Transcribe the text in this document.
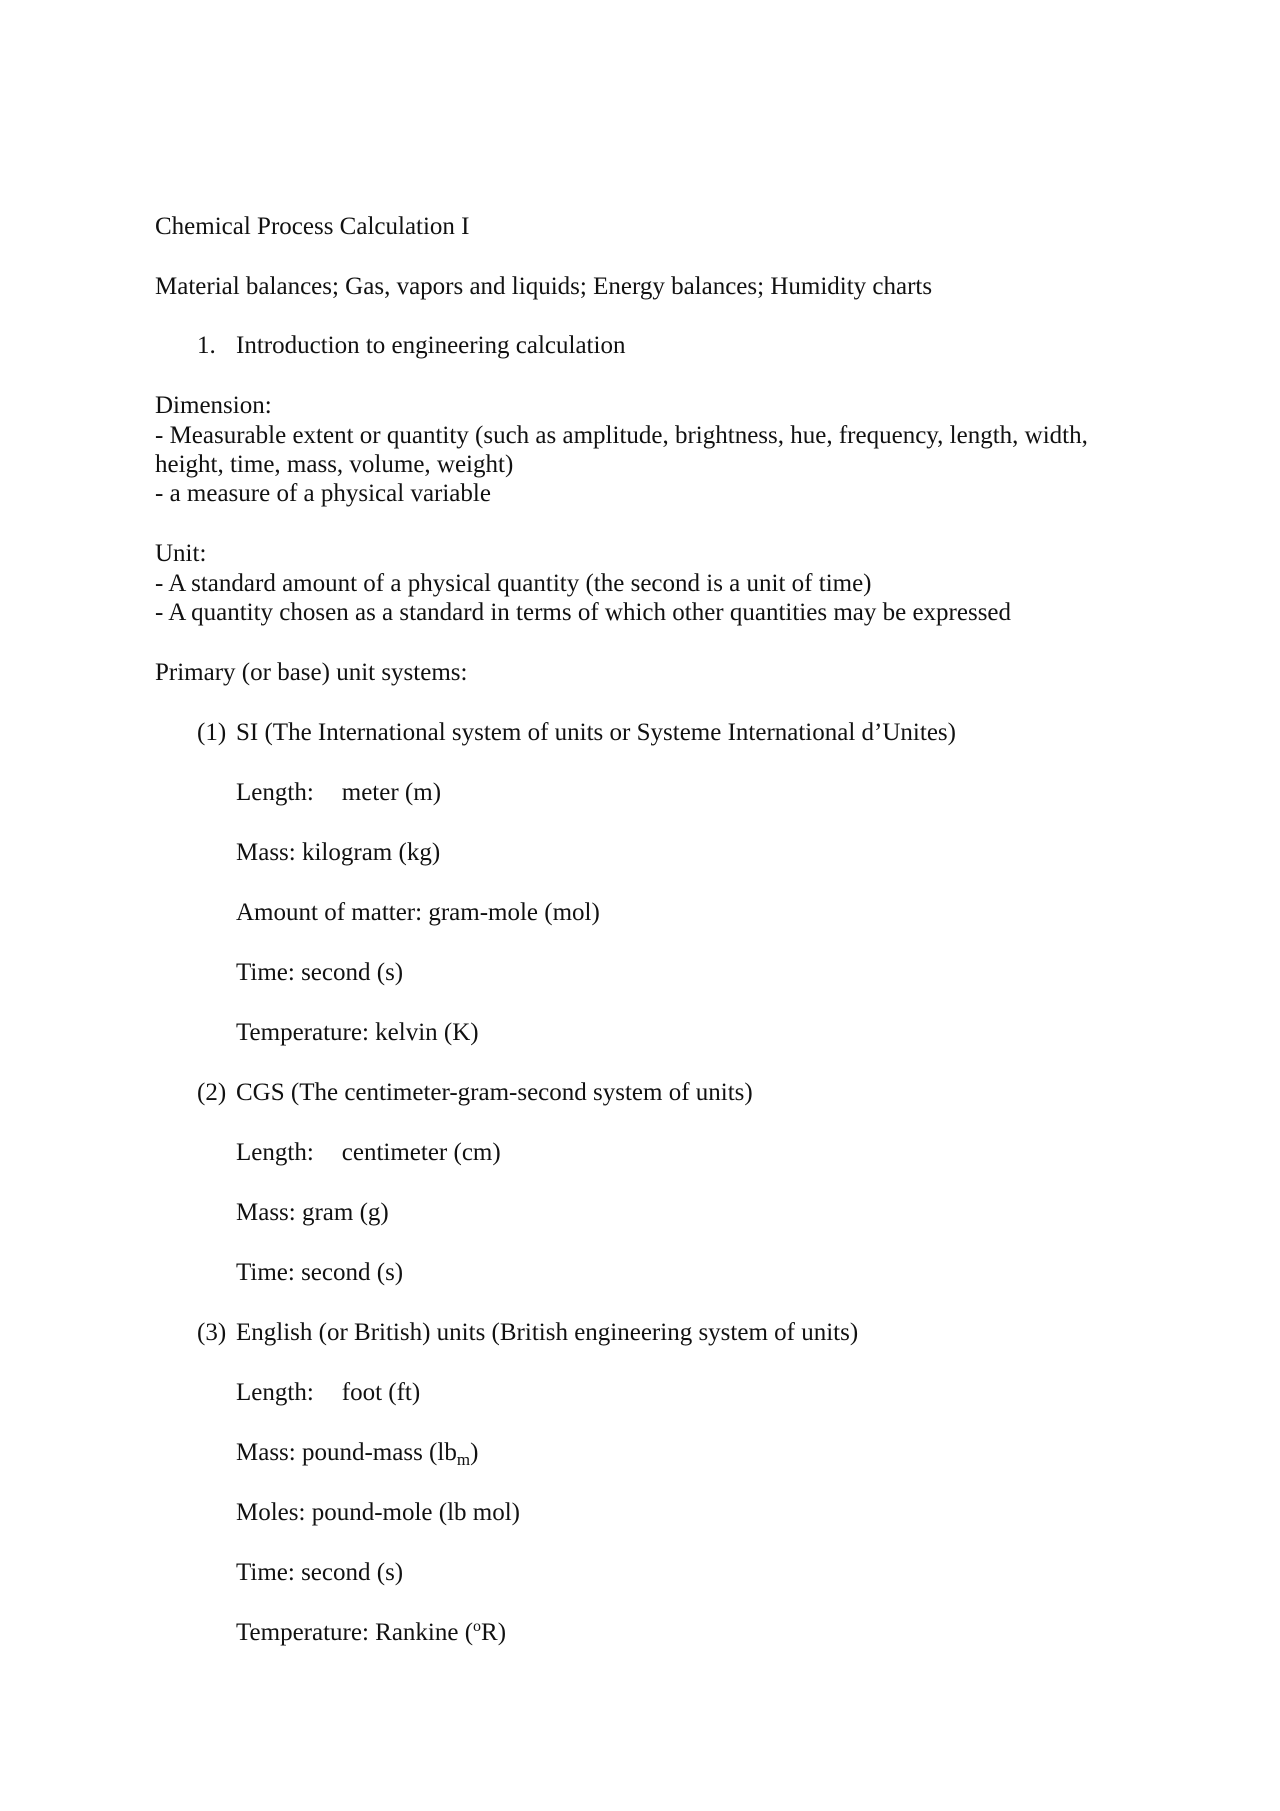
Chemical Process Calculation I
Material balances; Gas, vapors and liquids; Energy balances; Humidity charts
1. Introduction to engineering calculation
Dimension:
- Measurable extent or quantity (such as amplitude, brightness, hue, frequency, length, width,
height, time, mass, volume, weight)
- a measure of a physical variable
Unit:
- A standard amount of a physical quantity (the second is a unit of time)
- A quantity chosen as a standard in terms of which other quantities may be expressed
Primary (or base) unit systems:
(1) SI (The International system of units or Systeme International d’Unites)
Length: meter (m)
Mass: kilogram (kg)
Amount of matter: gram-mole (mol)
Time: second (s)
Temperature: kelvin (K)
(2) CGS (The centimeter-gram-second system of units)
Length: centimeter (cm)
Mass: gram (g)
Time: second (s)
(3) English (or British) units (British engineering system of units)
Length: foot (ft)
Mass: pound-mass $(lb_m)$
Moles: pound-mole (lb mol)
Time: second (s)
Temperature: Rankine ($^o$R)
